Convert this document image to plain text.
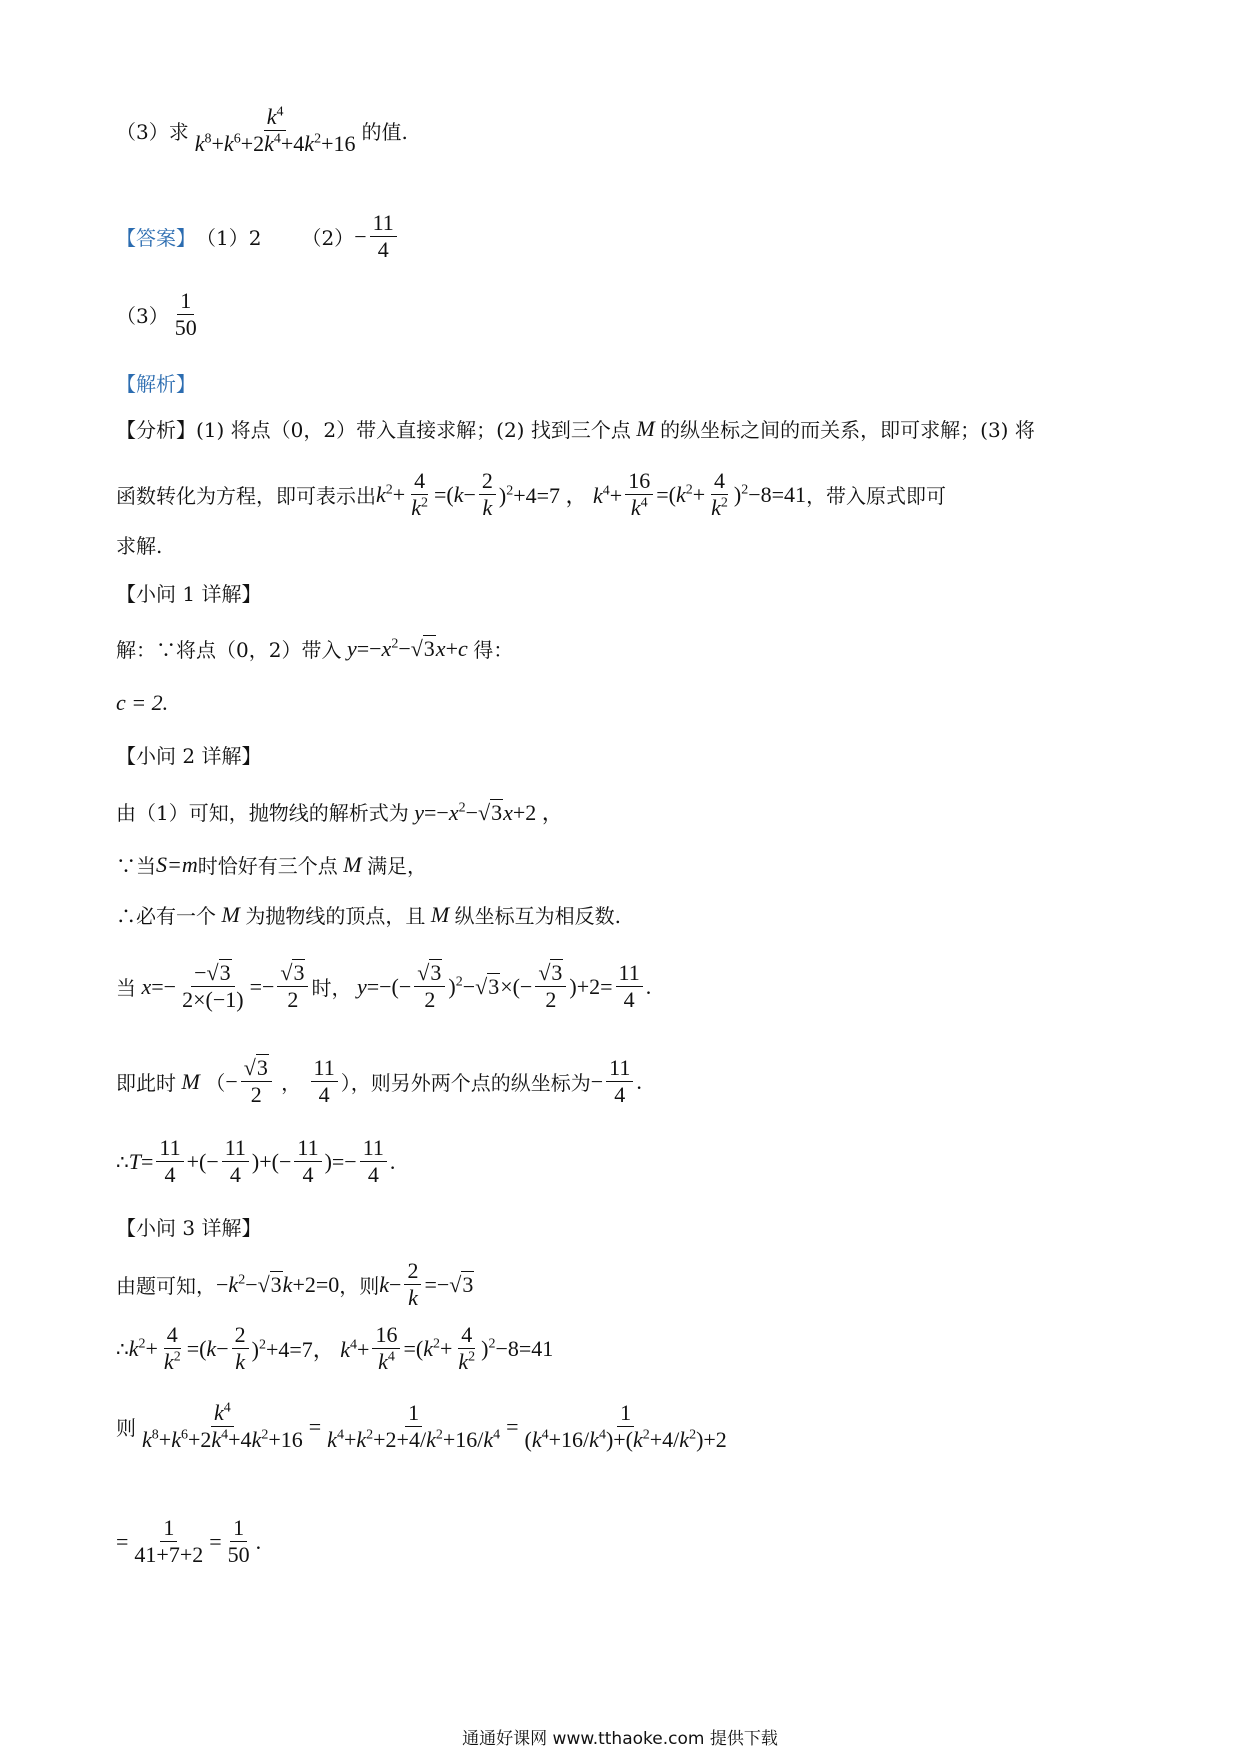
（3）求
$k^4$
$k^8+k^6+2k^4+4k^2+16$ 的值.
【答案】 （1）2 $(2) - \frac{11}{4}$
（3）
1
50
【解析】
【分析】(1) 将点（0，2）带入直接求解；(2) 找到三个点 M 的纵坐标之间的而关系，即可求解；(3) 将
函数转化为方程，即可表示出 $k^2+ \frac{4}{k^2} =(k- \frac{2}{k} )^2+4=7$ ， $k^4+ \frac{16}{k^4} =(k^2+ \frac{4}{k^2} )^2-8=41$ ，带入原式即可
求解.
【小问 1 详解】
解：∵将点（0，2）带入 $y=-x^2-√3x+c$ 得：
c = 2.
【小问 2 详解】
由（1）可知，抛物线的解析式为 $y=-x^2-√3x+2$ ，
∵当 S=m 时恰好有三个点 M 满足，
∴必有一个 M 为抛物线的顶点，且 M 纵坐标互为相反数.
当 $x=- \frac{-√3}{2\times(-1)} =- \frac{√3}{2}$ 时， $y=-(- \frac{√3}{2} )^2-√3\times(- \frac{√3}{2} )+2= \frac{11}{4}$ .
即此时 M （ − $\frac{√3}{2}$ ，
11
4 ），则另外两个点的纵坐标为 − $\frac{11}{4}$ .
∴ $T= \frac{11}{4}$ +(− $\frac{11}{4}$ )+(− $\frac{11}{4}$ )=− $\frac{11}{4}$ .
【小问 3 详解】
由题可知， $-k^2-√3k+2=0$ ，则 $k- \frac{2}{k} =-√3$
∴ $k^2+ \frac{4}{k^2} =(k- \frac{2}{k} )^2+4=7$， $k^4+ \frac{16}{k^4} =(k^2+ \frac{4}{k^2} )^2-8=41$
则 $\frac{k^4}{k^8+k^6+2k^4+4k^2+16} = \frac{1}{k^4+k^2+2+4/k^2+16/k^4} = \frac{1}{(k^4+16/k^4)+(k^2+4/k^2)+2}$
= $\frac{1}{41+7+2} = \frac{1}{50}$ .
通通好课网 www.tthaoke.com 提供下载
